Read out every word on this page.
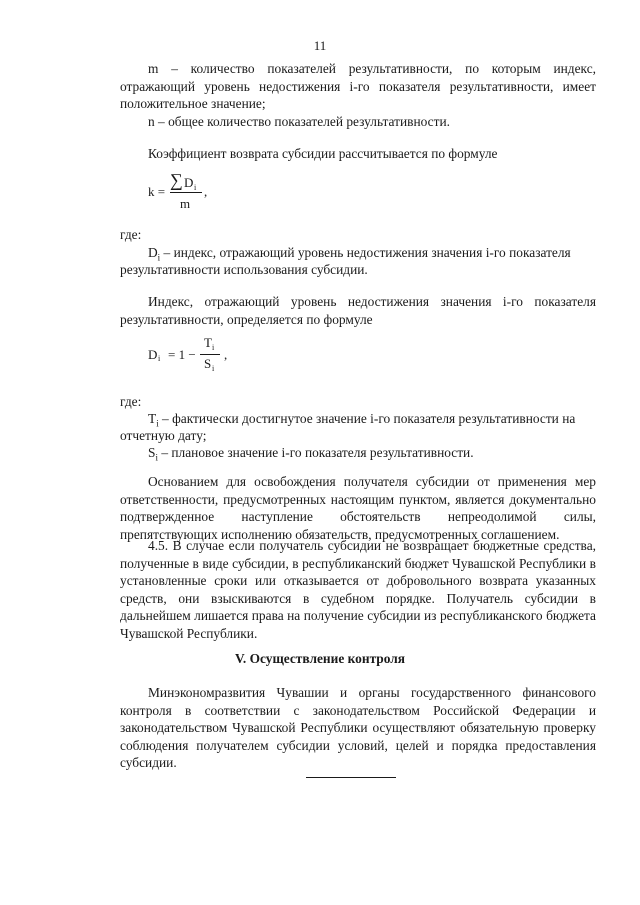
11
m – количество показателей результативности, по которым индекс, отражающий уровень недостижения i-го показателя результативности, имеет положительное значение;
n – общее количество показателей результативности.
Коэффициент возврата субсидии рассчитывается по формуле
k =
∑ D i ,
m
где:
$D_i$ – индекс, отражающий уровень недостижения значения i-го показателя
результативности использования субсидии.
Индекс, отражающий уровень недостижения значения i-го показателя результативности, определяется по формуле
D i = 1 −
T i
S i
,
где:
$T_i$ – фактически достигнутое значение i-го показателя результативности на
отчетную дату;
$S_i$ – плановое значение i-го показателя результативности.
Основанием для освобождения получателя субсидии от применения мер ответственности, предусмотренных настоящим пунктом, является документально подтвержденное наступление обстоятельств непреодолимой силы, препятствующих исполнению обязательств, предусмотренных соглашением.
4.5. В случае если получатель субсидии не возвращает бюджетные средства, полученные в виде субсидии, в республиканский бюджет Чувашской Республики в установленные сроки или отказывается от добровольного возврата указанных средств, они взыскиваются в судебном порядке. Получатель субсидии в дальнейшем лишается права на получение субсидии из республиканского бюджета Чувашской Республики.
V. Осуществление контроля
Минэкономразвития Чувашии и органы государственного финансового контроля в соответствии с законодательством Российской Федерации и законодательством Чувашской Республики осуществляют обязательную проверку соблюдения получателем субсидии условий, целей и порядка предоставления субсидии.
